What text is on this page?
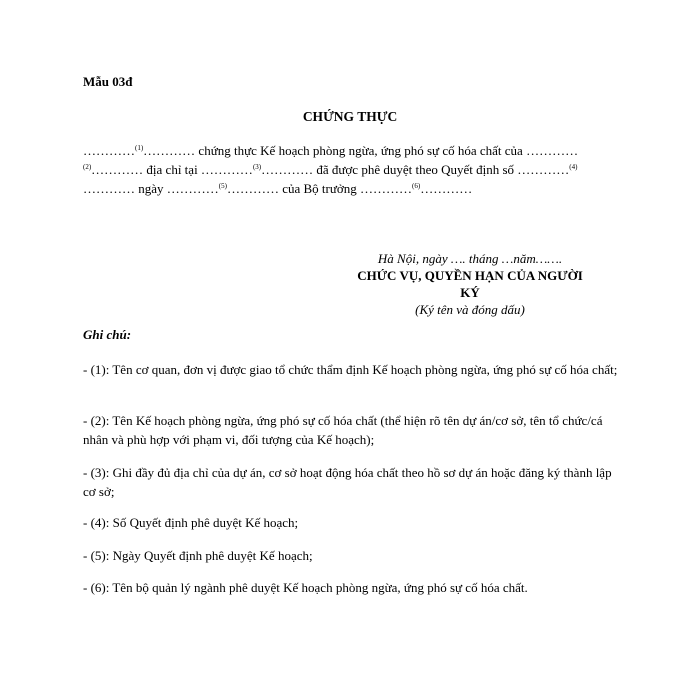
Mẫu 03đ
CHỨNG THỰC
…………$^{(1)}$………… chứng thực Kế hoạch phòng ngừa, ứng phó sự cố hóa chất của …………
$^{(2)}$………… địa chỉ tại …………$^{(3)}$………… đã được phê duyệt theo Quyết định số …………$^{(4)}$
………… ngày …………$^{(5)}$………… của Bộ trưởng …………$^{(6)}$…………
Hà Nội, ngày …. tháng …năm…….
CHỨC VỤ, QUYỀN HẠN CỦA NGƯỜI
KÝ
(Ký tên và đóng dấu)
Ghi chú:
- (1): Tên cơ quan, đơn vị được giao tổ chức thẩm định Kế hoạch phòng ngừa, ứng phó sự cố hóa chất;
- (2): Tên Kế hoạch phòng ngừa, ứng phó sự cố hóa chất (thể hiện rõ tên dự án/cơ sở, tên tổ chức/cá nhân và phù hợp với phạm vi, đối tượng của Kế hoạch);
- (3): Ghi đầy đủ địa chỉ của dự án, cơ sở hoạt động hóa chất theo hồ sơ dự án hoặc đăng ký thành lập cơ sở;
- (4): Số Quyết định phê duyệt Kế hoạch;
- (5): Ngày Quyết định phê duyệt Kế hoạch;
- (6): Tên bộ quản lý ngành phê duyệt Kế hoạch phòng ngừa, ứng phó sự cố hóa chất.
